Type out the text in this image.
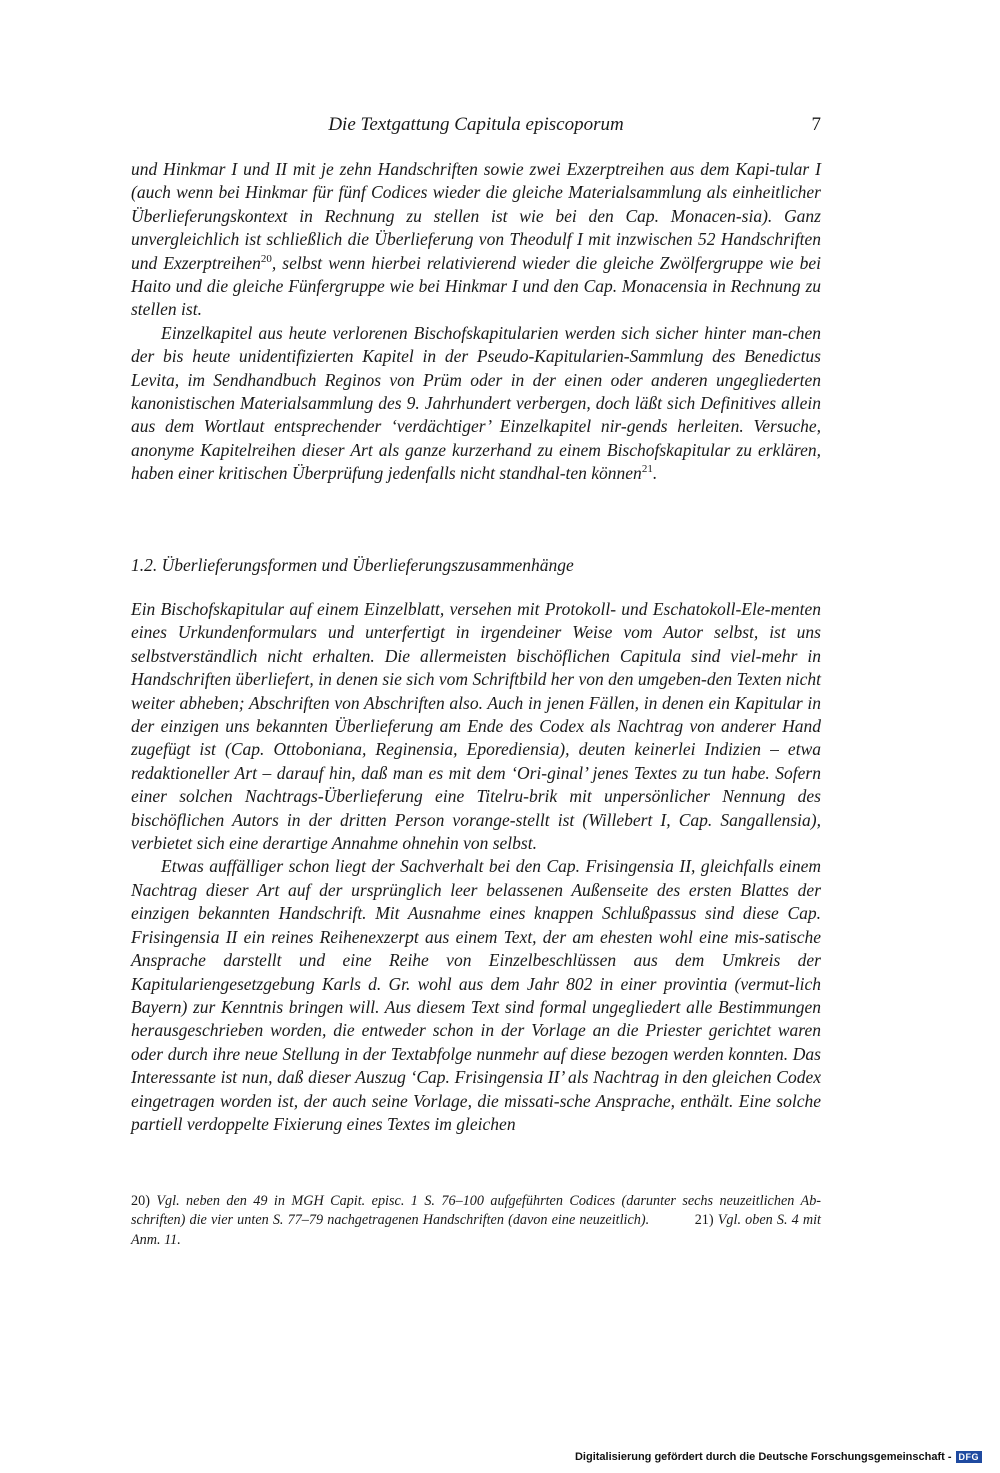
Die Textgattung Capitula episcoporum	7

und Hinkmar I und II mit je zehn Handschriften sowie zwei Exzerptreihen aus dem Kapi-tular I (auch wenn bei Hinkmar für fünf Codices wieder die gleiche Materialsammlung als einheitlicher Überlieferungskontext in Rechnung zu stellen ist wie bei den Cap. Monacen-sia). Ganz unvergleichlich ist schließlich die Überlieferung von Theodulf I mit inzwischen 52 Handschriften und Exzerptreihen$^{20}$, selbst wenn hierbei relativierend wieder die gleiche Zwölfergruppe wie bei Haito und die gleiche Fünfergruppe wie bei Hinkmar I und den Cap. Monacensia in Rechnung zu stellen ist.

Einzelkapitel aus heute verlorenen Bischofskapitularien werden sich sicher hinter man-chen der bis heute unidentifizierten Kapitel in der Pseudo-Kapitularien-Sammlung des Benedictus Levita, im Sendhandbuch Reginos von Prüm oder in der einen oder anderen ungegliederten kanonistischen Materialsammlung des 9. Jahrhundert verbergen, doch läßt sich Definitives allein aus dem Wortlaut entsprechender ‘verdächtiger’ Einzelkapitel nir-gends herleiten. Versuche, anonyme Kapitelreihen dieser Art als ganze kurzerhand zu einem Bischofskapitular zu erklären, haben einer kritischen Überprüfung jedenfalls nicht standhal-ten können$^{21}$.

1.2. Überlieferungsformen und Überlieferungszusammenhänge

Ein Bischofskapitular auf einem Einzelblatt, versehen mit Protokoll- und Eschatokoll-Ele-menten eines Urkundenformulars und unterfertigt in irgendeiner Weise vom Autor selbst, ist uns selbstverständlich nicht erhalten. Die allermeisten bischöflichen Capitula sind viel-mehr in Handschriften überliefert, in denen sie sich vom Schriftbild her von den umgeben-den Texten nicht weiter abheben; Abschriften von Abschriften also. Auch in jenen Fällen, in denen ein Kapitular in der einzigen uns bekannten Überlieferung am Ende des Codex als Nachtrag von anderer Hand zugefügt ist (Cap. Ottoboniana, Reginensia, Eporediensia), deuten keinerlei Indizien – etwa redaktioneller Art – darauf hin, daß man es mit dem ‘Ori-ginal’ jenes Textes zu tun habe. Sofern einer solchen Nachtrags-Überlieferung eine Titelru-brik mit unpersönlicher Nennung des bischöflichen Autors in der dritten Person vorange-stellt ist (Willebert I, Cap. Sangallensia), verbietet sich eine derartige Annahme ohnehin von selbst.

Etwas auffälliger schon liegt der Sachverhalt bei den Cap. Frisingensia II, gleichfalls einem Nachtrag dieser Art auf der ursprünglich leer belassenen Außenseite des ersten Blattes der einzigen bekannten Handschrift. Mit Ausnahme eines knappen Schlußpassus sind diese Cap. Frisingensia II ein reines Reihenexzerpt aus einem Text, der am ehesten wohl eine mis-satische Ansprache darstellt und eine Reihe von Einzelbeschlüssen aus dem Umkreis der Kapitulariengesetzgebung Karls d. Gr. wohl aus dem Jahr 802 in einer provintia (vermut-lich Bayern) zur Kenntnis bringen will. Aus diesem Text sind formal ungegliedert alle Bestimmungen herausgeschrieben worden, die entweder schon in der Vorlage an die Priester gerichtet waren oder durch ihre neue Stellung in der Textabfolge nunmehr auf diese bezogen werden konnten. Das Interessante ist nun, daß dieser Auszug ‘Cap. Frisingensia II’ als Nachtrag in den gleichen Codex eingetragen worden ist, der auch seine Vorlage, die missati-sche Ansprache, enthält. Eine solche partiell verdoppelte Fixierung eines Textes im gleichen

20) Vgl. neben den 49 in MGH Capit. episc. 1 S. 76–100 aufgeführten Codices (darunter sechs neuzeitlichen Ab-schriften) die vier unten S. 77–79 nachgetragenen Handschriften (davon eine neuzeitlich).	21) Vgl. oben S. 4 mit Anm. 11.
Digitalisierung gefördert durch die Deutsche Forschungsgemeinschaft - DFG
